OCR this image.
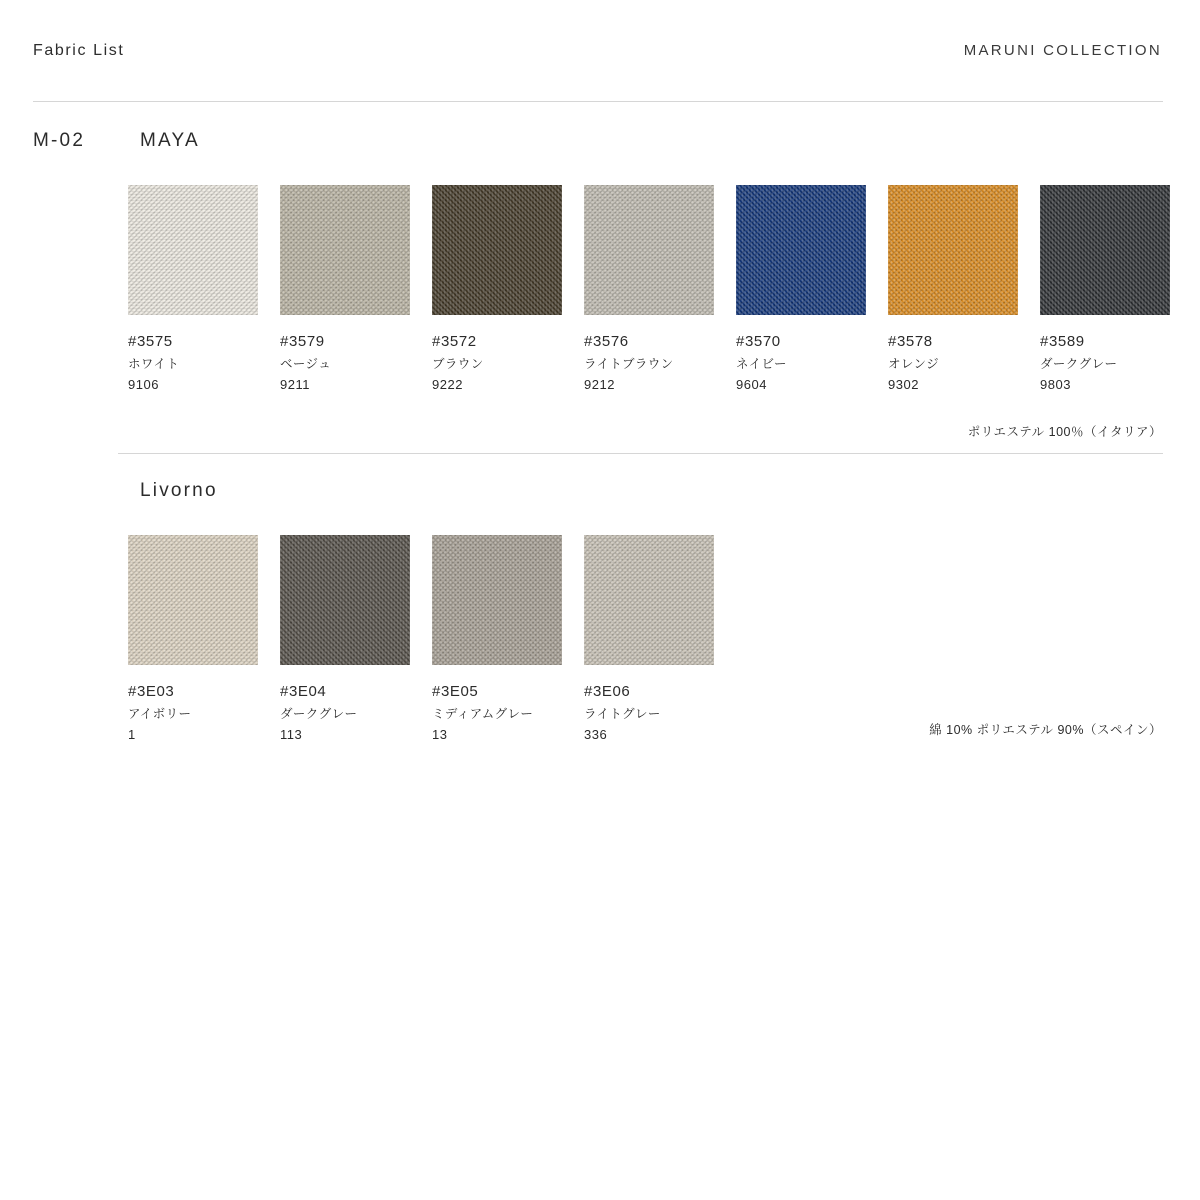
Fabric List	MARUNI COLLECTION
M-02	MAYA
#3575
ホワイト
9106
#3579
ベージュ
9211
#3572
ブラウン
9222
#3576
ライトブラウン
9212
#3570
ネイビー
9604
#3578
オレンジ
9302
#3589
ダークグレー
9803
ポリエステル 100％（イタリア）
Livorno
#3E03
アイボリー
1
#3E04
ダークグレー
113
#3E05
ミディアムグレー
13
#3E06
ライトグレー
336	綿 10% ポリエステル 90%（スペイン）
